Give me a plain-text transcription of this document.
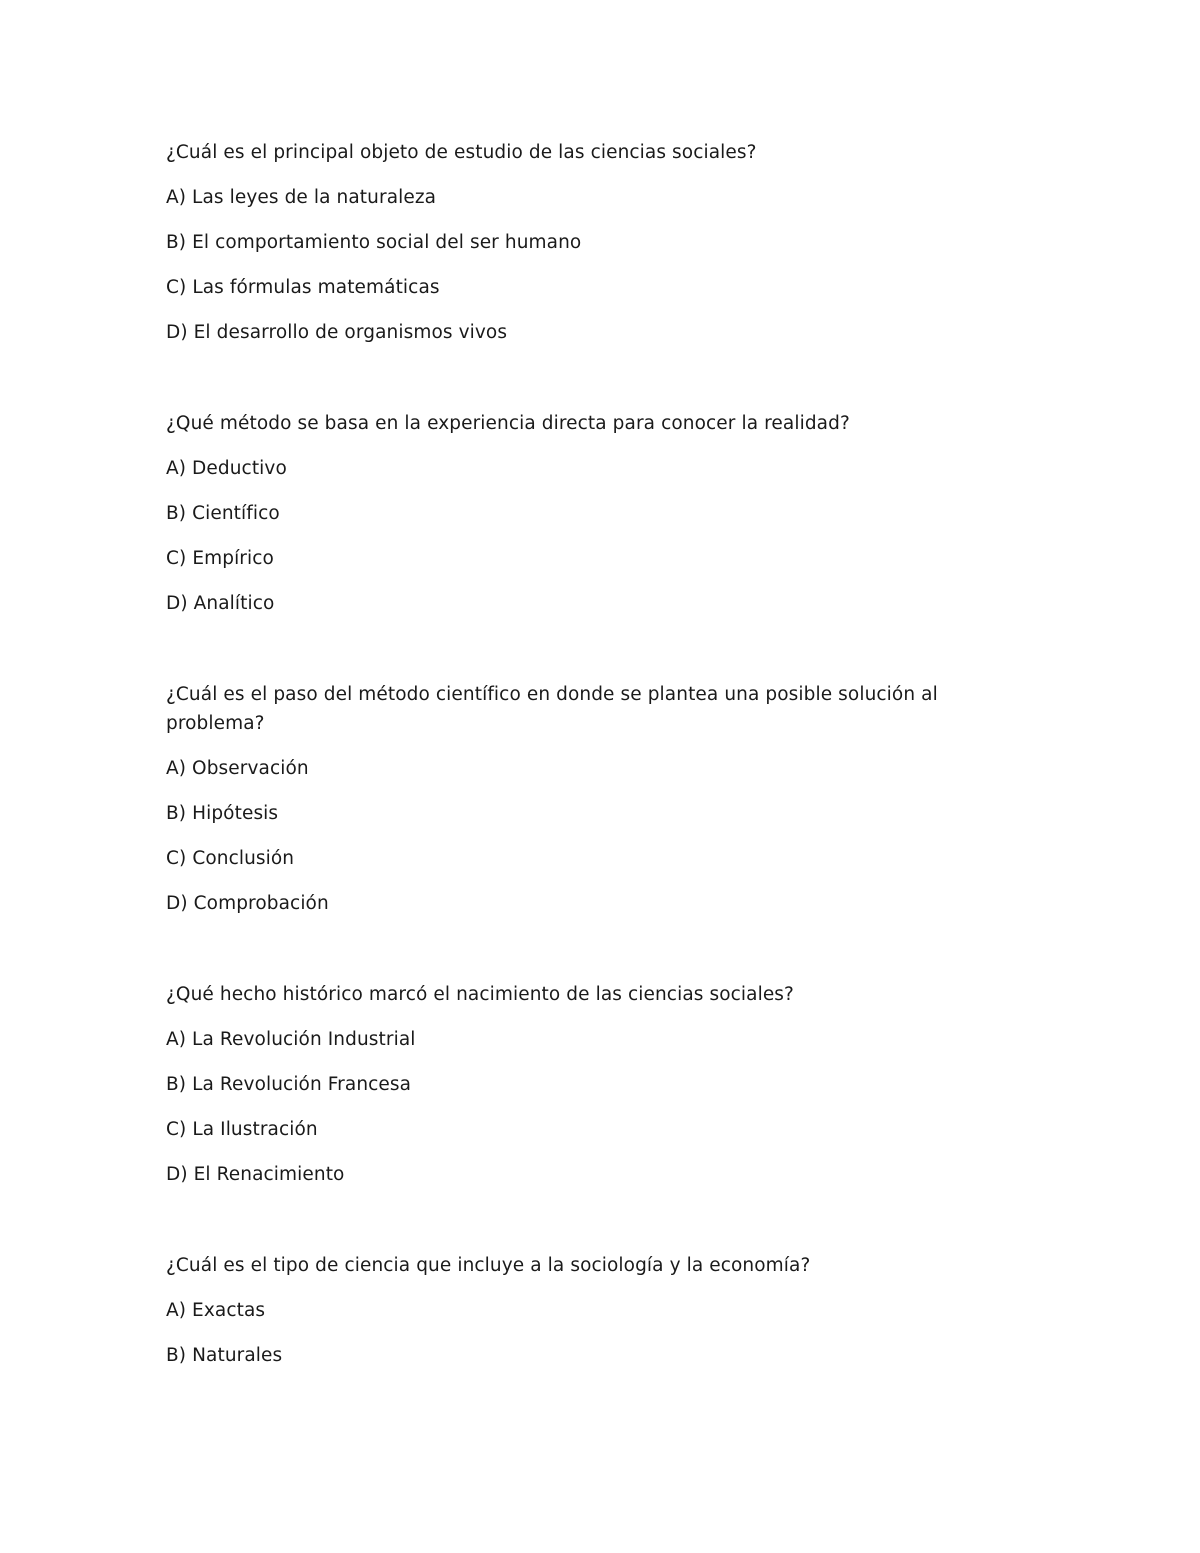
¿Cuál es el principal objeto de estudio de las ciencias sociales?

A) Las leyes de la naturaleza

B) El comportamiento social del ser humano

C) Las fórmulas matemáticas

D) El desarrollo de organismos vivos

¿Qué método se basa en la experiencia directa para conocer la realidad?

A) Deductivo

B) Científico

C) Empírico

D) Analítico

¿Cuál es el paso del método científico en donde se plantea una posible solución al problema?

A) Observación

B) Hipótesis

C) Conclusión

D) Comprobación

¿Qué hecho histórico marcó el nacimiento de las ciencias sociales?

A) La Revolución Industrial

B) La Revolución Francesa

C) La Ilustración

D) El Renacimiento

¿Cuál es el tipo de ciencia que incluye a la sociología y la economía?

A) Exactas

B) Naturales
